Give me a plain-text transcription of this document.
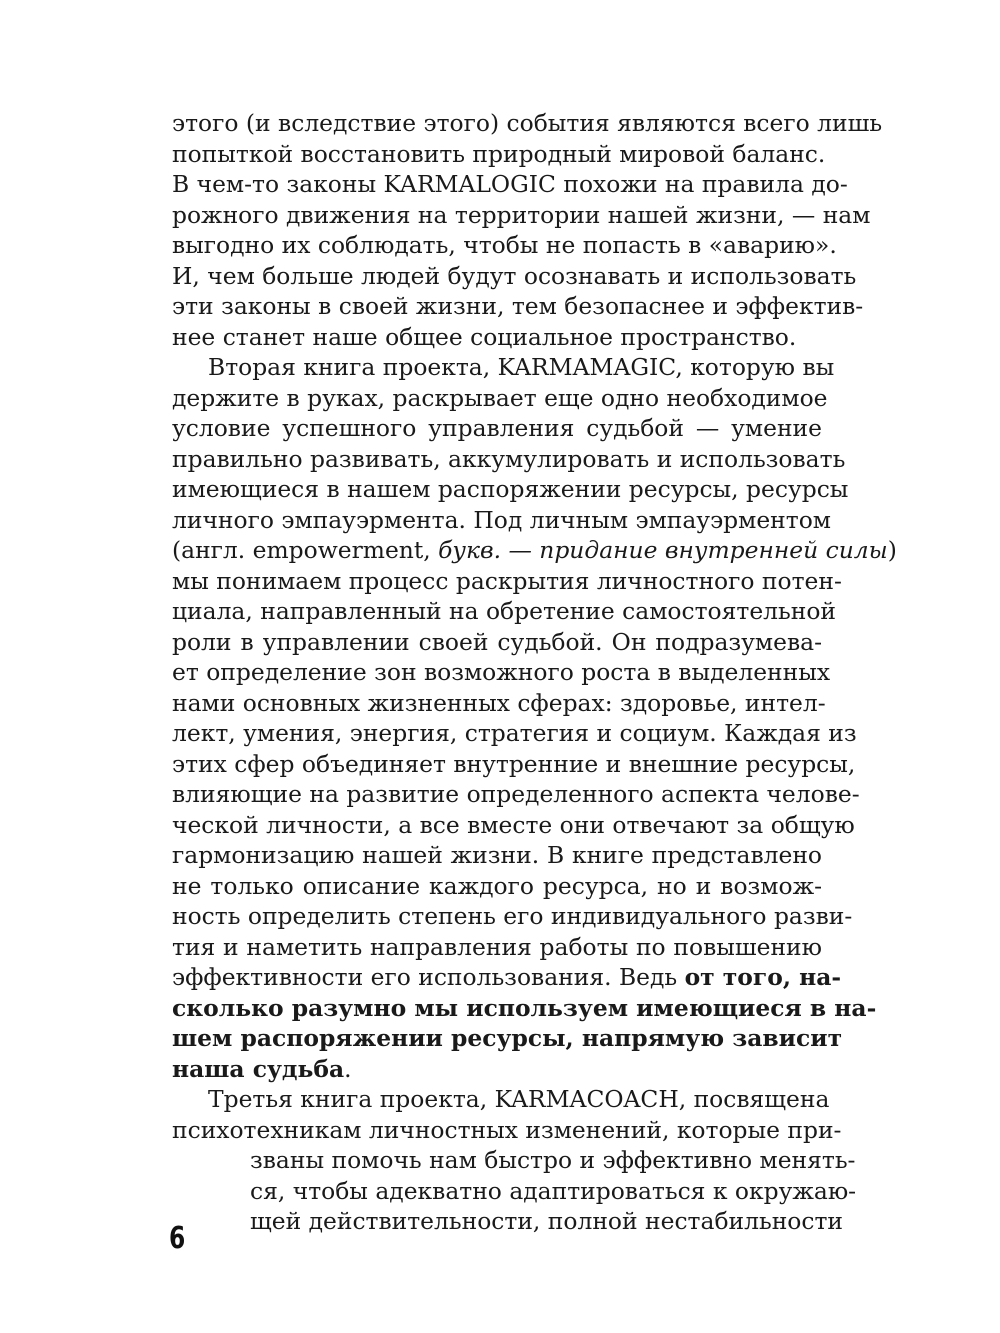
этого (и вследствие этого) события являются всего лишь
попыткой восстановить природный мировой баланс.
В чем-то законы KARMALOGIC похожи на правила до-
рожного движения на территории нашей жизни, — нам
выгодно их соблюдать, чтобы не попасть в «аварию».
И, чем больше людей будут осознавать и использовать
эти законы в своей жизни, тем безопаснее и эффектив-
нее станет наше общее социальное пространство.
Вторая книга проекта, KARMAMAGIC, которую вы
держите в руках, раскрывает еще одно необходимое
условие успешного управления судьбой — умение
правильно развивать, аккумулировать и использовать
имеющиеся в нашем распоряжении ресурсы, ресурсы
личного эмпауэрмента. Под личным эмпауэрментом
(англ. empowerment, букв. — придание внутренней силы)
мы понимаем процесс раскрытия личностного потен-
циала, направленный на обретение самостоятельной
роли в управлении своей судьбой. Он подразумева-
ет определение зон возможного роста в выделенных
нами основных жизненных сферах: здоровье, интел-
лект, умения, энергия, стратегия и социум. Каждая из
этих сфер объединяет внутренние и внешние ресурсы,
влияющие на развитие определенного аспекта челове-
ческой личности, а все вместе они отвечают за общую
гармонизацию нашей жизни. В книге представлено
не только описание каждого ресурса, но и возмож-
ность определить степень его индивидуального разви-
тия и наметить направления работы по повышению
эффективности его использования. Ведь от того, на-
сколько разумно мы используем имеющиеся в на-
шем распоряжении ресурсы, напрямую зависит
наша судьба.
Третья книга проекта, KARMACOACH, посвящена
психотехникам личностных изменений, которые при-
званы помочь нам быстро и эффективно менять-
ся, чтобы адекватно адаптироваться к окружаю-
щей действительности, полной нестабильности
6
